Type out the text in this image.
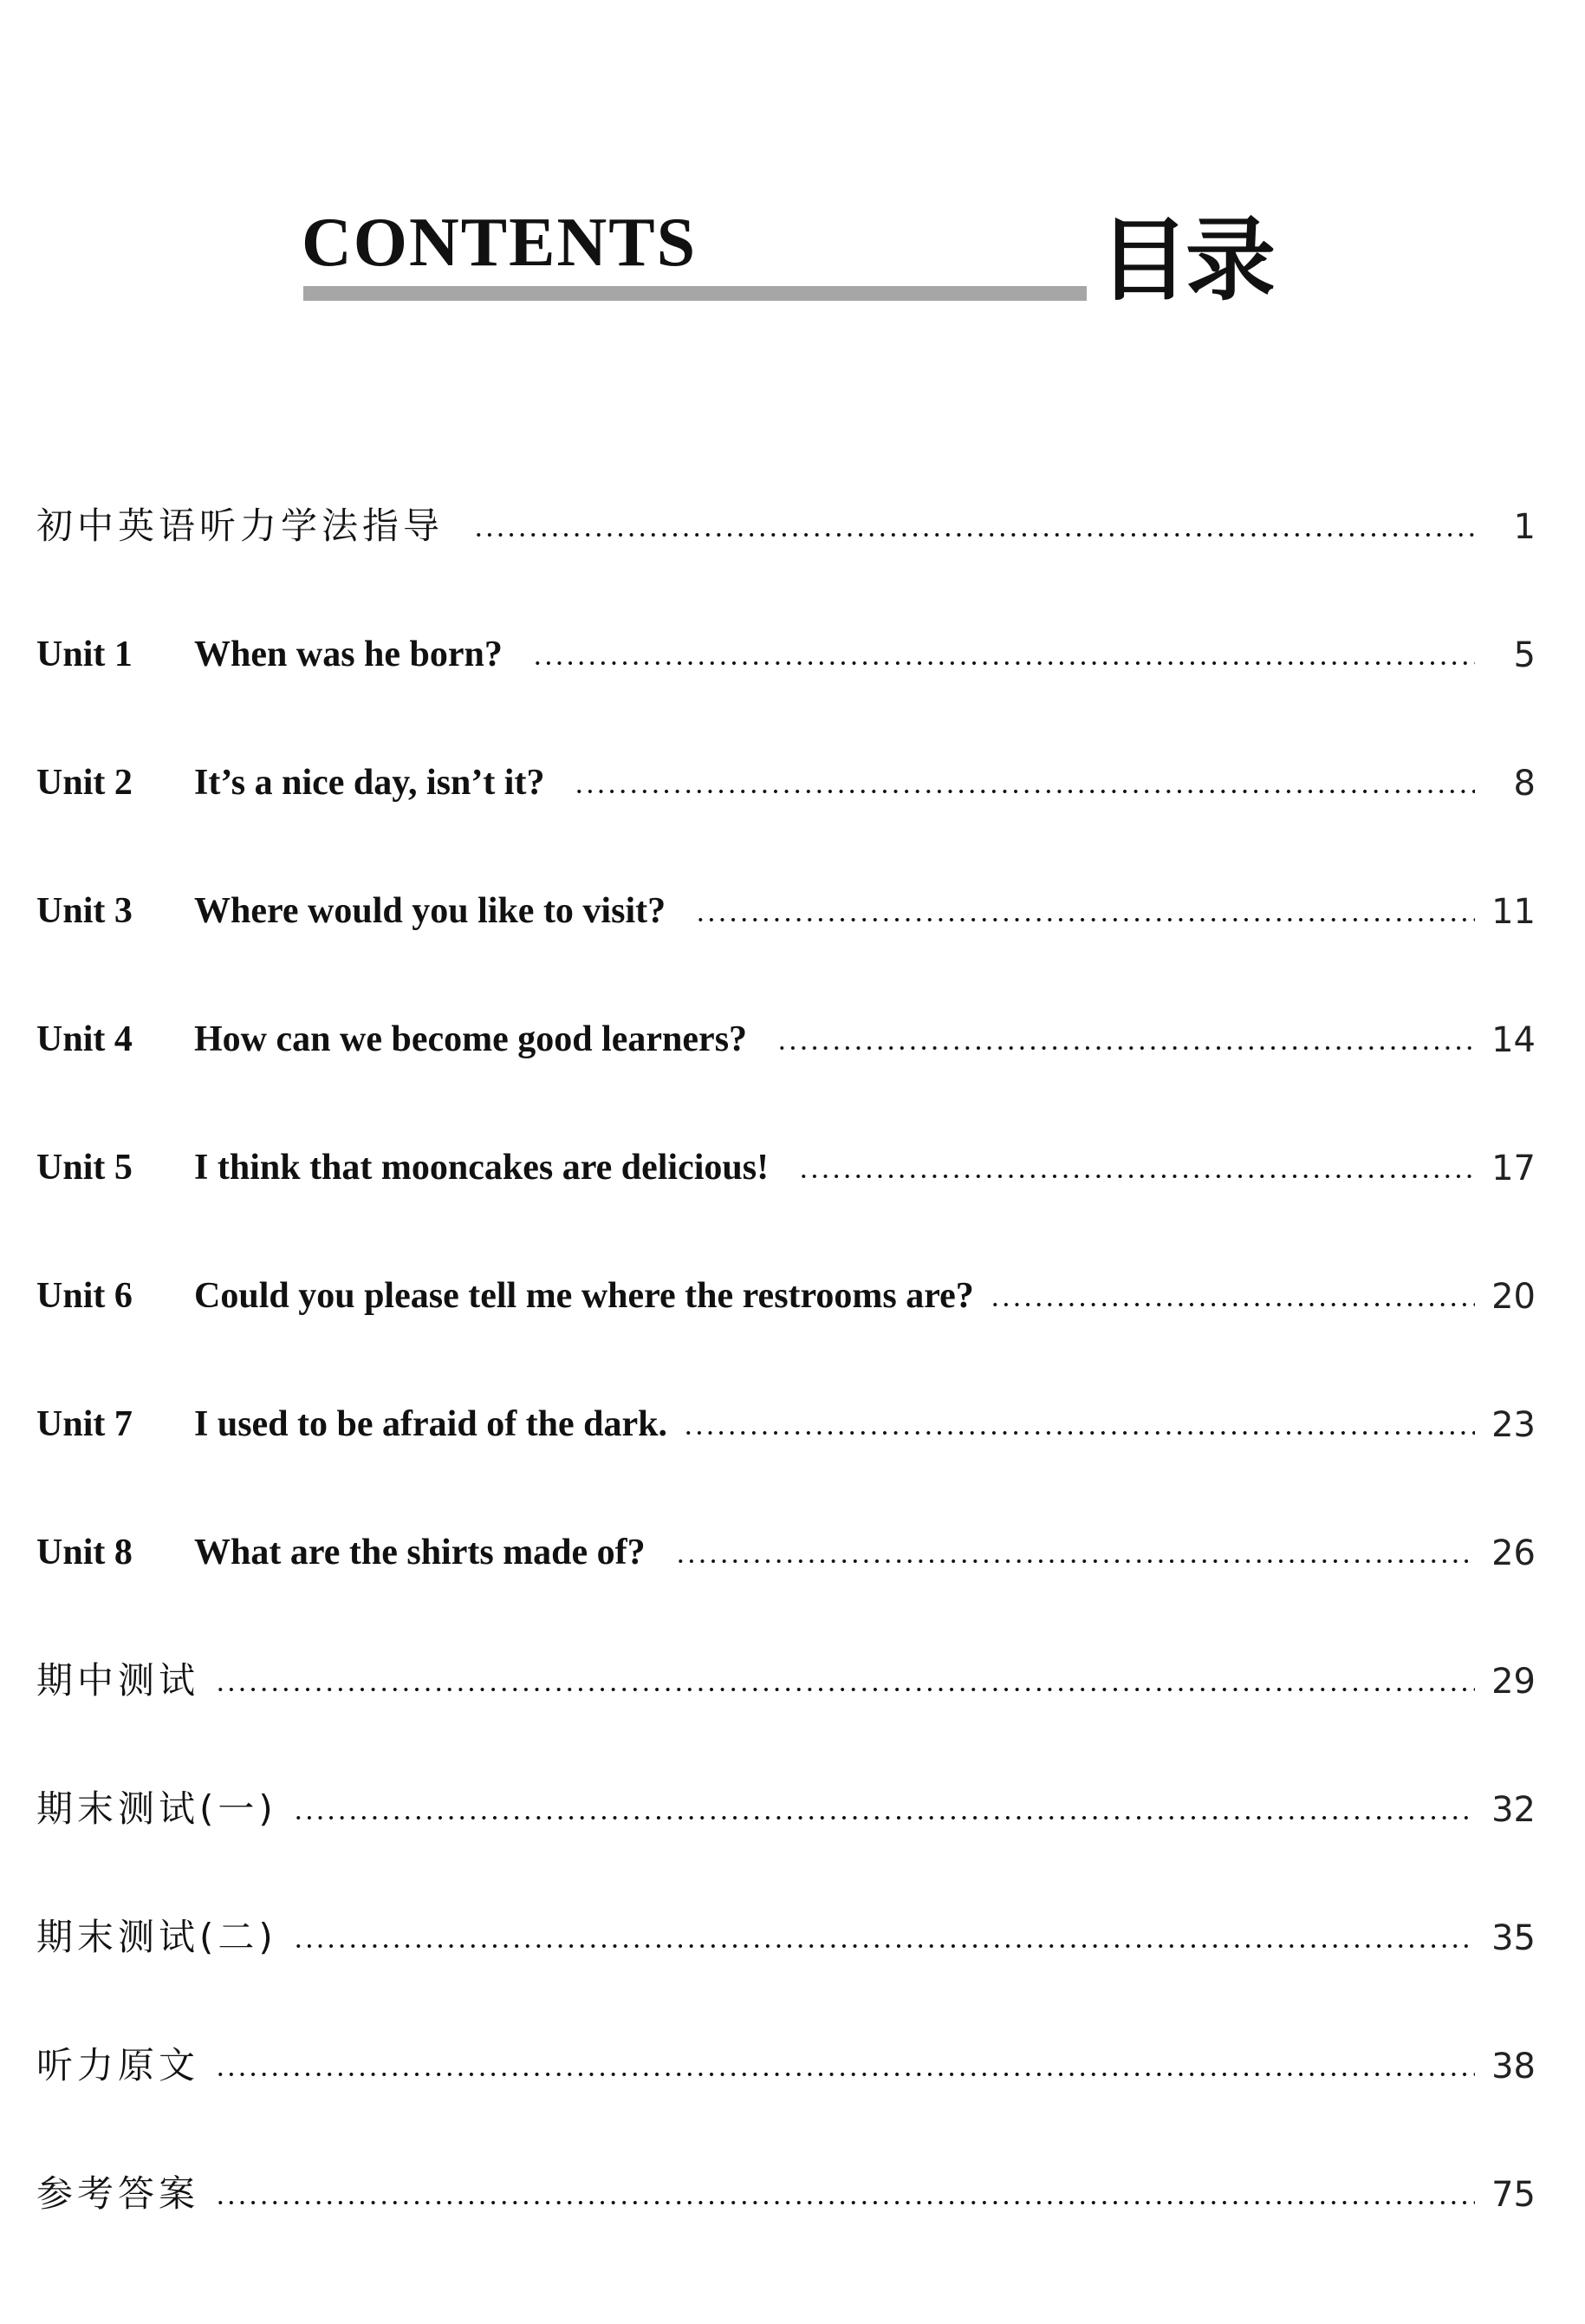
CONTENTS	目录
初中英语听力学法指导	1
Unit 1	When was he born?	5
Unit 2	It’s a nice day, isn’t it?	8
Unit 3	Where would you like to visit?	11
Unit 4	How can we become good learners?	14
Unit 5	I think that mooncakes are delicious!	17
Unit 6	Could you please tell me where the restrooms are?	20
Unit 7	I used to be afraid of the dark.	23
Unit 8	What are the shirts made of?	26
期中测试	29
期末测试(一)	32
期末测试(二)	35
听力原文	38
参考答案	75
